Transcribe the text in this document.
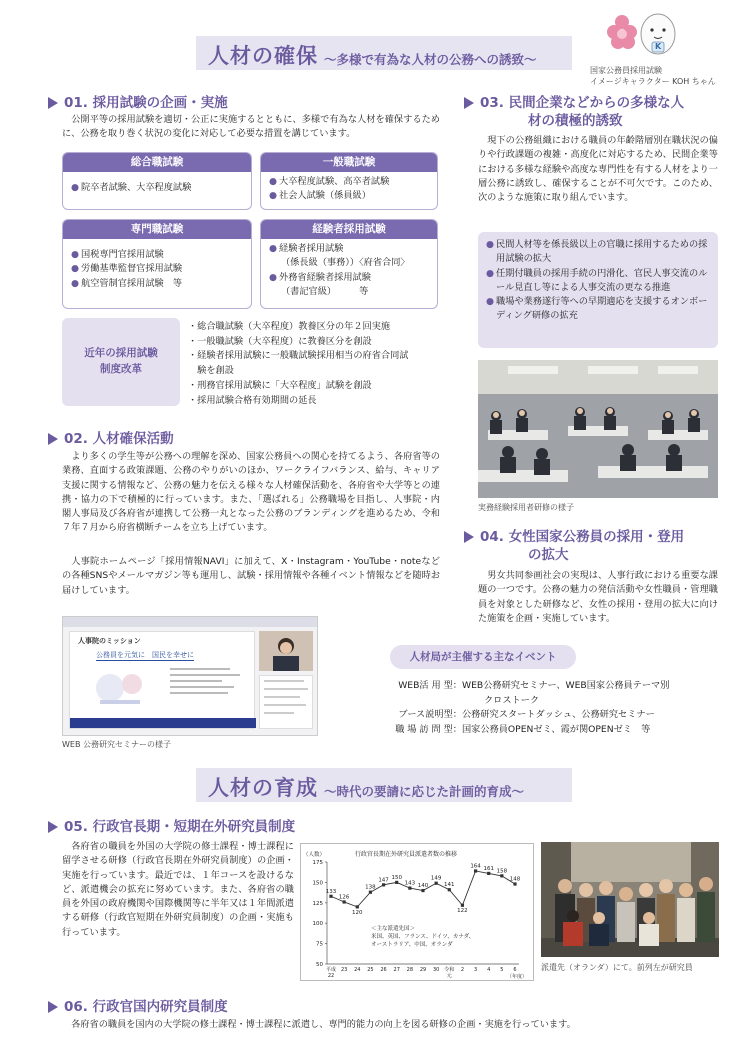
人材の確保 ～多様で有為な人材の公務への誘致～
K
国家公務員採用試験
イメージキャラクター KOH ちゃん
01. 採用試験の企画・実施
公開平等の採用試験を適切・公正に実施するとともに、多様で有為な人材を確保するために、公務を取り巻く状況の変化に対応して必要な措置を講じています。
総合職試験
● 院卒者試験、大卒程度試験
一般職試験
● 大卒程度試験、高卒者試験
● 社会人試験（係員級）
専門職試験
● 国税専門官採用試験
● 労働基準監督官採用試験
● 航空管制官採用試験　等
経験者採用試験
● 経験者採用試験
（係長級（事務））〈府省合同〉
● 外務省経験者採用試験
（書記官級）　　　等
近年の採用試験
制度改革
・総合職試験（大卒程度）教養区分の年２回実施
・一般職試験（大卒程度）に教養区分を創設
・経験者採用試験に一般職試験採用相当の府省合同試
　験を創設
・刑務官採用試験に「大卒程度」試験を創設
・採用試験合格有効期間の延長
02. 人材確保活動
より多くの学生等が公務への理解を深め、国家公務員への関心を持てるよう、各府省等の業務、直面する政策課題、公務のやりがいのほか、ワークライフバランス、給与、キャリア支援に関する情報など、公務の魅力を伝える様々な人材確保活動を、各府省や大学等との連携・協力の下で積極的に行っています。また、「選ばれる」公務職場を目指し、人事院・内閣人事局及び各府省が連携して公務一丸となった公務のブランディングを進めるため、令和７年７月から府省横断チームを立ち上げています。
人事院ホームページ「採用情報NAVI」に加えて、X・Instagram・YouTube・noteなどの各種SNSやメールマガジン等も運用し、試験・採用情報や各種イベント情報などを随時お届けしています。
人事院のミッション
公務員を元気に　国民を幸せに
WEB 公務研究セミナーの様子
03. 民間企業などからの多様な人
材の積極的誘致
現下の公務組織における職員の年齢階層別在職状況の偏りや行政課題の複雑・高度化に対応するため、民間企業等における多様な経験や高度な専門性を有する人材をより一層公務に誘致し、確保することが不可欠です。このため、次のような施策に取り組んでいます。
● 民間人材等を係長級以上の官職に採用するための採用試験の拡大
● 任期付職員の採用手続の円滑化、官民人事交流のルール見直し等による人事交流の更なる推進
● 職場や業務遂行等への早期適応を支援するオンボーディング研修の拡充
実務経験採用者研修の様子
04. 女性国家公務員の採用・登用
の拡大
男女共同参画社会の実現は、人事行政における重要な課題の一つです。公務の魅力の発信活動や女性職員・管理職員を対象とした研修など、女性の採用・登用の拡大に向けた施策を企画・実施しています。
人材局が主催する主なイベント
WEB活 用 型： WEB公務研究セミナー、WEB国家公務員テーマ別
クロストーク
ブース説明型： 公務研究スタートダッシュ、公務研究セミナー
職 場 訪 問 型： 国家公務員OPENゼミ、霞が関OPENゼミ　等
人材の育成 ～時代の要請に応じた計画的育成～
05. 行政官長期・短期在外研究員制度
各府省の職員を外国の大学院の修士課程・博士課程に留学させる研修（行政官長期在外研究員制度）の企画・実施を行っています。最近では、１年コースを設けるなど、派遣機会の拡充に努めています。また、各府省の職員を外国の政府機関や国際機関等に半年又は１年間派遣する研修（行政官短期在外研究員制度）の企画・実施も行っています。
行政官長期在外研究員派遣者数の推移
（人数）
（年度）
＜主な派遣先国＞
米国、英国、フランス、ドイツ、カナダ、
オーストラリア、中国、オランダ
50
75
100
125
150
175
平成
22
23 24 25 26 27 28 29 30 令和
元
2 3 4 5 6
133
126
120
138
147 150
143 140
149
141
122
164 161 158
148
派遣先（オランダ）にて。前列左が研究員
06. 行政官国内研究員制度
各府省の職員を国内の大学院の修士課程・博士課程に派遣し、専門的能力の向上を図る研修の企画・実施を行っています。
